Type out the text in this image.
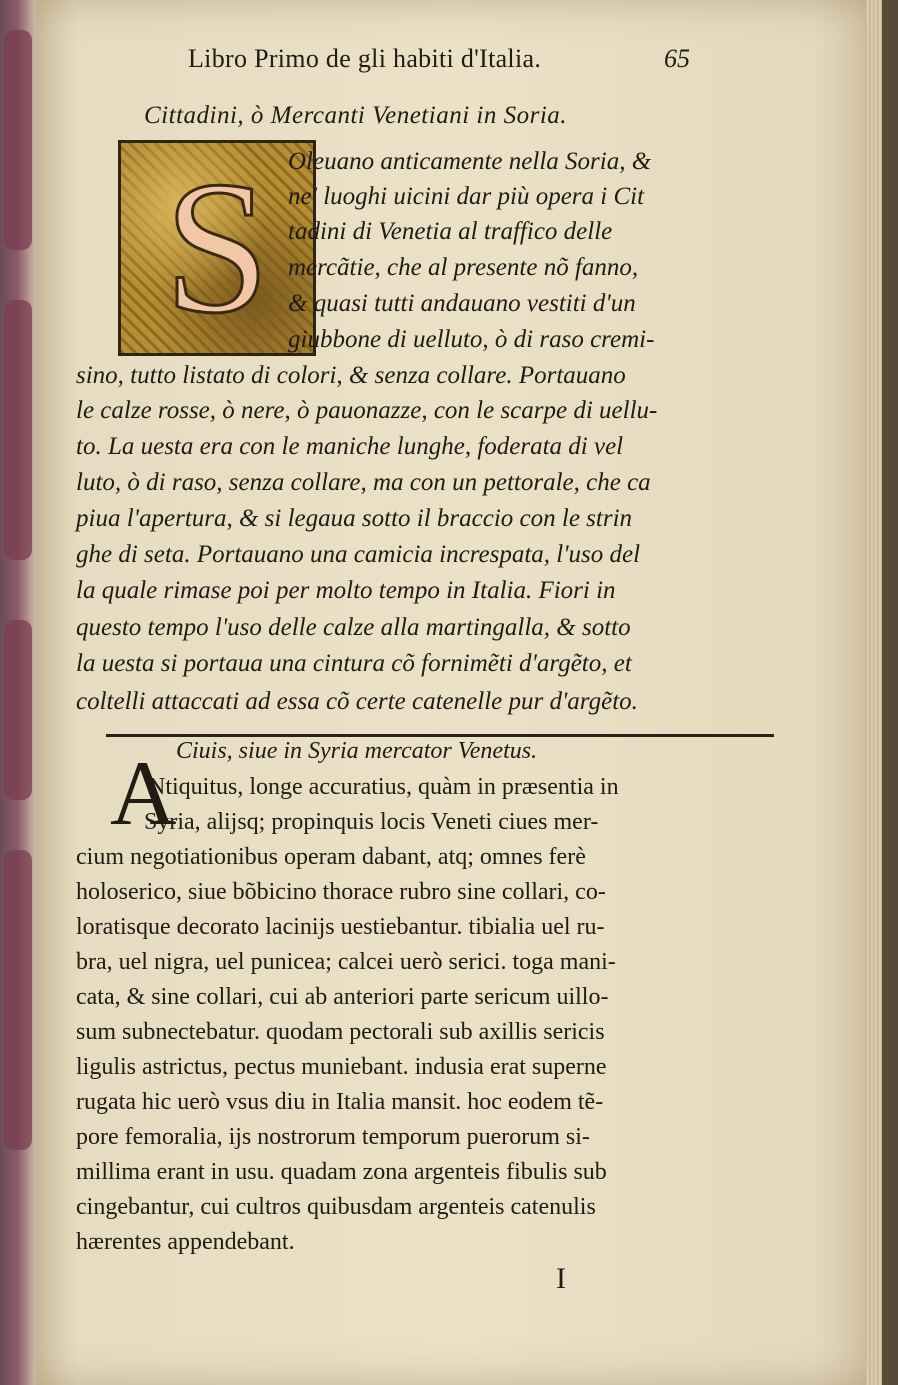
Libro Primo de gli habiti d'Italia.	65
Cittadini, ò Mercanti Venetiani in Soria.
S Oleuano anticamente nella Soria, &
ne' luoghi uicini dar più opera i Cit
tadini di Venetia al traffico delle
mercãtie, che al presente nõ fanno,
& quasi tutti andauano vestiti d'un
giubbone di uelluto, ò di raso cremi-
sino, tutto listato di colori, & senza collare. Portauano
le calze rosse, ò nere, ò pauonazze, con le scarpe di uellu-
to. La uesta era con le maniche lunghe, foderata di vel
luto, ò di raso, senza collare, ma con un pettorale, che ca
piua l'apertura, & si legaua sotto il braccio con le strin
ghe di seta. Portauano una camicia increspata, l'uso del
la quale rimase poi per molto tempo in Italia. Fiori in
questo tempo l'uso delle calze alla martingalla, & sotto
la uesta si portaua una cintura cõ fornimẽti d'argẽto, et
coltelli attaccati ad essa cõ certe catenelle pur d'argẽto.
Ciuis, siue in Syria mercator Venetus.
A
Ntiquitus, longe accuratius, quàm in præsentia in
Syria, alijsq; propinquis locis Veneti ciues mer-
cium negotiationibus operam dabant, atq; omnes ferè
holoserico, siue bõbicino thorace rubro sine collari, co-
loratisque decorato lacinijs uestiebantur. tibialia uel ru-
bra, uel nigra, uel punicea; calcei uerò serici. toga mani-
cata, & sine collari, cui ab anteriori parte sericum uillo-
sum subnectebatur. quodam pectorali sub axillis sericis
ligulis astrictus, pectus muniebant. indusia erat superne
rugata hic uerò vsus diu in Italia mansit. hoc eodem tẽ-
pore femoralia, ijs nostrorum temporum puerorum si-
millima erant in usu. quadam zona argenteis fibulis sub
cingebantur, cui cultros quibusdam argenteis catenulis
hærentes appendebant.
I
